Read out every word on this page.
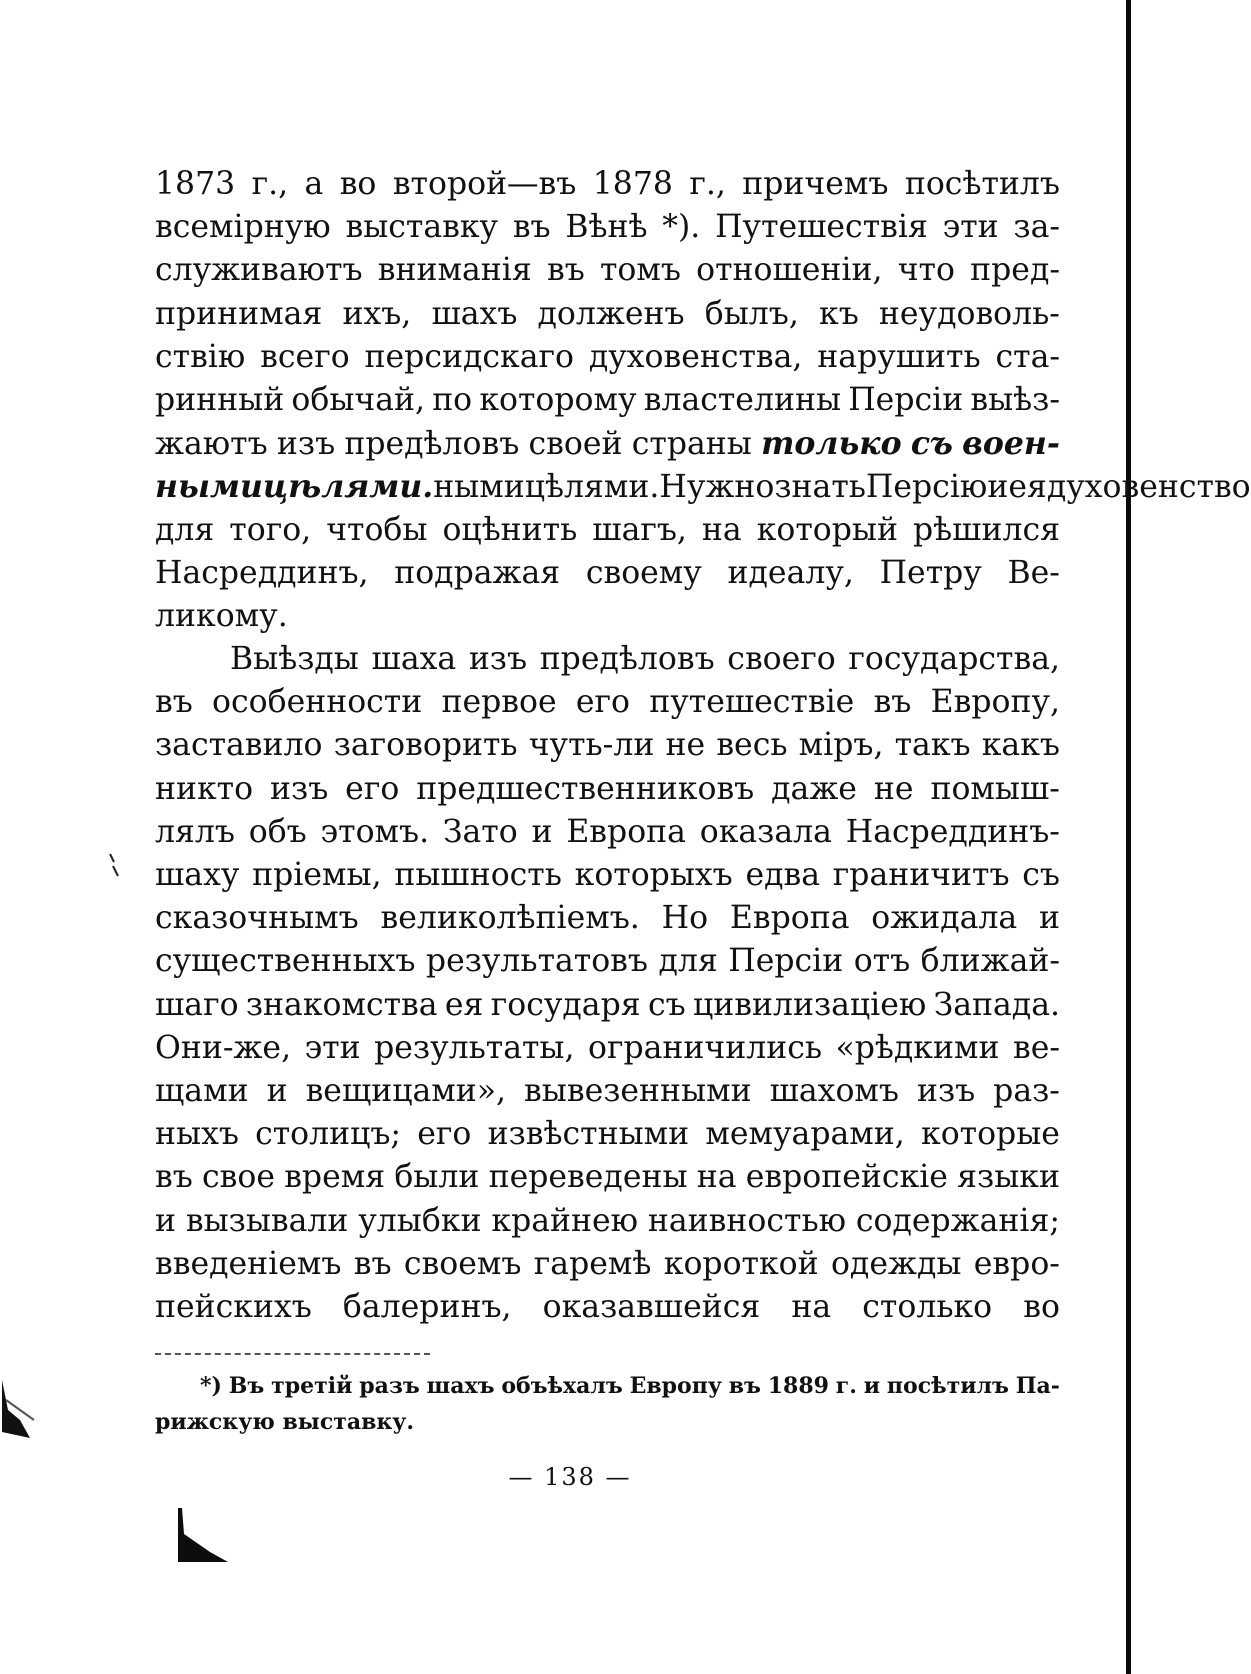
1873 г., а во второй—въ 1878 г., причемъ посѣтилъ
всемірную выставку въ Вѣнѣ *). Путешествія эти за-
служиваютъ вниманія въ томъ отношеніи, что пред-
принимая ихъ, шахъ долженъ былъ, къ неудоволь-
ствію всего персидскаго духовенства, нарушить ста-
ринный обычай, по которому властелины Персіи выѣз-
жаютъ изъ предѣловъ своей страны только съ воен-
ными цѣлями. ными цѣлями. Нужно знать Персію и ея духовенство
для того, чтобы оцѣнить шагъ, на который рѣшился
Насреддинъ, подражая своему идеалу, Петру Ве-
ликому.
Выѣзды шаха изъ предѣловъ своего государства,
въ особенности первое его путешествіе въ Европу,
заставило заговорить чуть-ли не весь міръ, такъ какъ
никто изъ его предшественниковъ даже не помыш-
лялъ объ этомъ. Зато и Европа оказала Насреддинъ-
шаху пріемы, пышность которыхъ едва граничитъ съ
сказочнымъ великолѣпіемъ. Но Европа ожидала и
существенныхъ результатовъ для Персіи отъ ближай-
шаго знакомства ея государя съ цивилизаціею Запада.
Они-же, эти результаты, ограничились «рѣдкими ве-
щами и вещицами», вывезенными шахомъ изъ раз-
ныхъ столицъ; его извѣстными мемуарами, которые
въ свое время были переведены на европейскіе языки
и вызывали улыбки крайнею наивностью содержанія;
введеніемъ въ своемъ гаремѣ короткой одежды евро-
пейскихъ балеринъ, оказавшейся на столько во
*) Въ третій разъ шахъ объѣхалъ Европу въ 1889 г. и посѣтилъ Па-
рижскую выставку.
— 138 —
